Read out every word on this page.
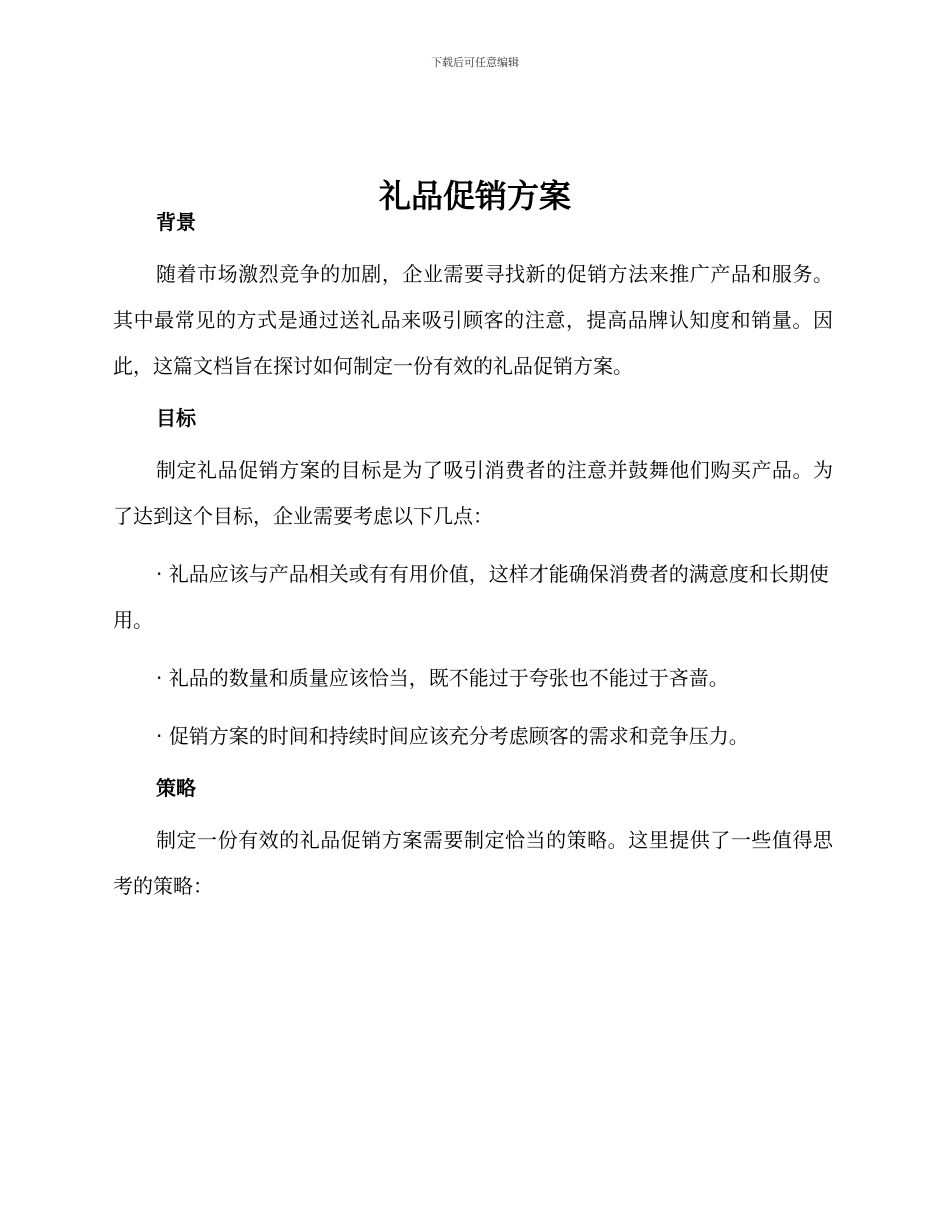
下载后可任意编辑
礼品促销方案
背景

随着市场激烈竞争的加剧，企业需要寻找新的促销方法来推广产品和服务。其中最常见的方式是通过送礼品来吸引顾客的注意，提高品牌认知度和销量。因此，这篇文档旨在探讨如何制定一份有效的礼品促销方案。

目标

制定礼品促销方案的目标是为了吸引消费者的注意并鼓舞他们购买产品。为了达到这个目标，企业需要考虑以下几点：

· 礼品应该与产品相关或有有用价值，这样才能确保消费者的满意度和长期使用。

· 礼品的数量和质量应该恰当，既不能过于夸张也不能过于吝啬。

· 促销方案的时间和持续时间应该充分考虑顾客的需求和竞争压力。

策略

制定一份有效的礼品促销方案需要制定恰当的策略。这里提供了一些值得思考的策略：
